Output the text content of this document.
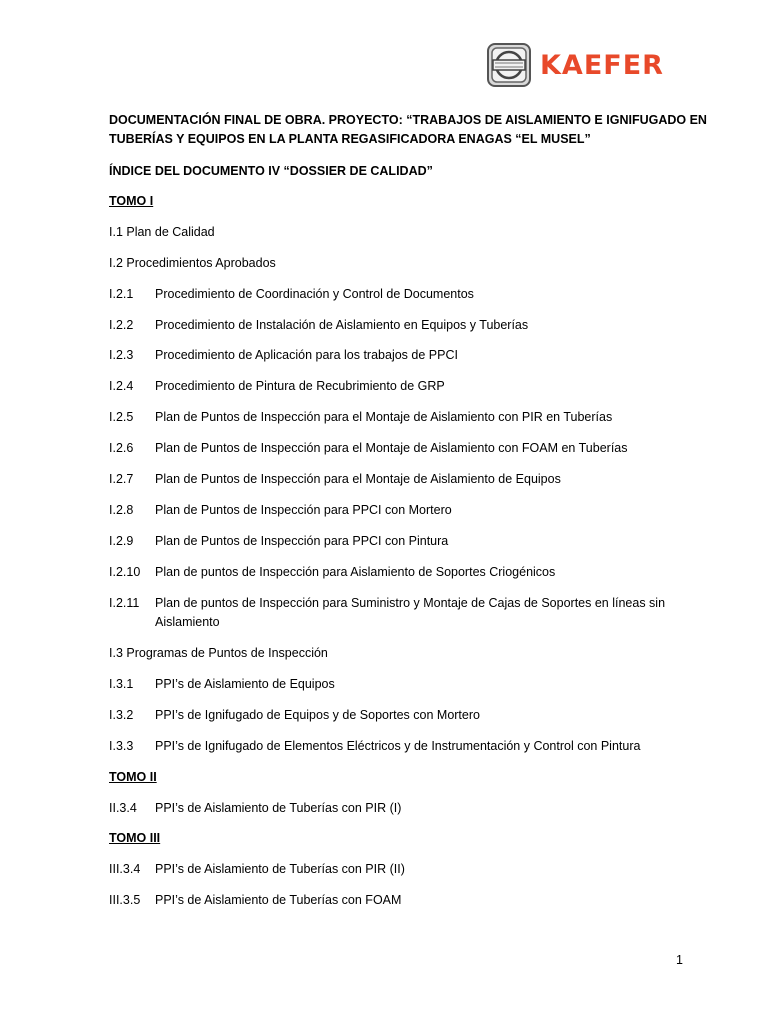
KAEFER
DOCUMENTACIÓN FINAL DE OBRA. PROYECTO: “TRABAJOS DE AISLAMIENTO E IGNIFUGADO EN
TUBERÍAS Y EQUIPOS EN LA PLANTA REGASIFICADORA ENAGAS “EL MUSEL”
ÍNDICE DEL DOCUMENTO IV “DOSSIER DE CALIDAD”
TOMO I
I.1 Plan de Calidad
I.2 Procedimientos Aprobados
I.2.1 Procedimiento de Coordinación y Control de Documentos
I.2.2 Procedimiento de Instalación de Aislamiento en Equipos y Tuberías
I.2.3 Procedimiento de Aplicación para los trabajos de PPCI
I.2.4 Procedimiento de Pintura de Recubrimiento de GRP
I.2.5 Plan de Puntos de Inspección para el Montaje de Aislamiento con PIR en Tuberías
I.2.6 Plan de Puntos de Inspección para el Montaje de Aislamiento con FOAM en Tuberías
I.2.7 Plan de Puntos de Inspección para el Montaje de Aislamiento de Equipos
I.2.8 Plan de Puntos de Inspección para PPCI con Mortero
I.2.9 Plan de Puntos de Inspección para PPCI con Pintura
I.2.10 Plan de puntos de Inspección para Aislamiento de Soportes Criogénicos
I.2.11 Plan de puntos de Inspección para Suministro y Montaje de Cajas de Soportes en líneas sin
Aislamiento
I.3 Programas de Puntos de Inspección
I.3.1 PPI’s de Aislamiento de Equipos
I.3.2 PPI’s de Ignifugado de Equipos y de Soportes con Mortero
I.3.3 PPI’s de Ignifugado de Elementos Eléctricos y de Instrumentación y Control con Pintura
TOMO II
II.3.4 PPI’s de Aislamiento de Tuberías con PIR (I)
TOMO III
III.3.4 PPI’s de Aislamiento de Tuberías con PIR (II)
III.3.5 PPI’s de Aislamiento de Tuberías con FOAM
1
